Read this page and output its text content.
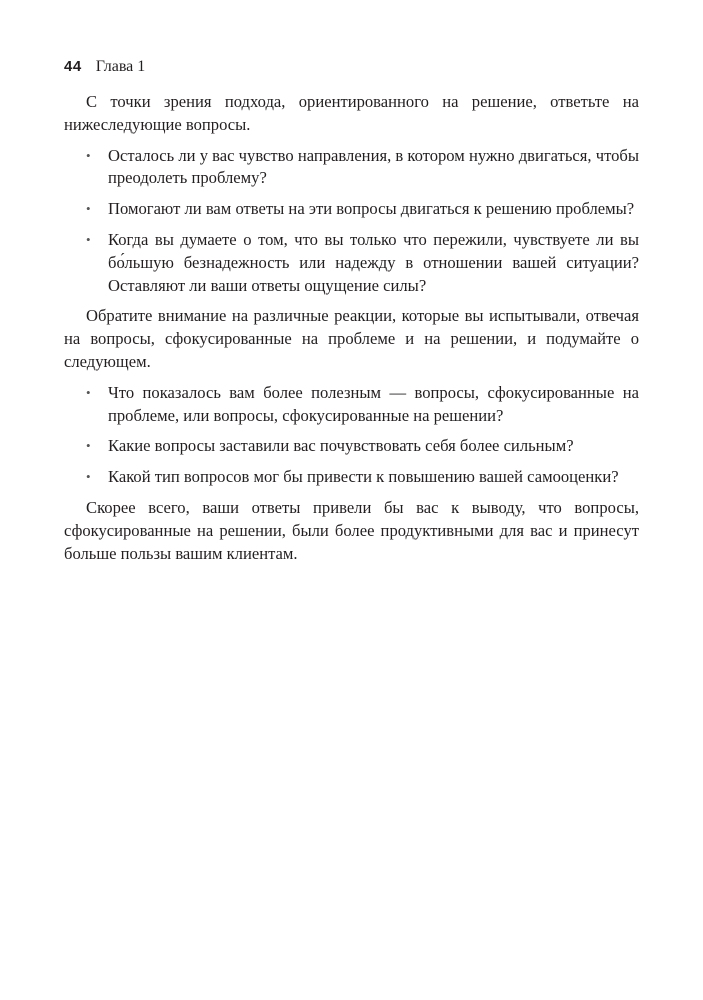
44 Глава 1

С точки зрения подхода, ориентированного на решение, ответьте на нижеследующие вопросы.

• Осталось ли у вас чувство направления, в котором нужно двигаться, чтобы преодолеть проблему?
• Помогают ли вам ответы на эти вопросы двигаться к решению проблемы?
• Когда вы думаете о том, что вы только что пережили, чувствуете ли вы бо́льшую безнадежность или надежду в отношении вашей ситуации? Оставляют ли ваши ответы ощущение силы?

Обратите внимание на различные реакции, которые вы испытывали, отвечая на вопросы, сфокусированные на проблеме и на решении, и подумайте о следующем.

• Что показалось вам более полезным — вопросы, сфокусированные на проблеме, или вопросы, сфокусированные на решении?
• Какие вопросы заставили вас почувствовать себя более сильным?
• Какой тип вопросов мог бы привести к повышению вашей самооценки?

Скорее всего, ваши ответы привели бы вас к выводу, что вопросы, сфокусированные на решении, были более продуктивными для вас и принесут больше пользы вашим клиентам.
